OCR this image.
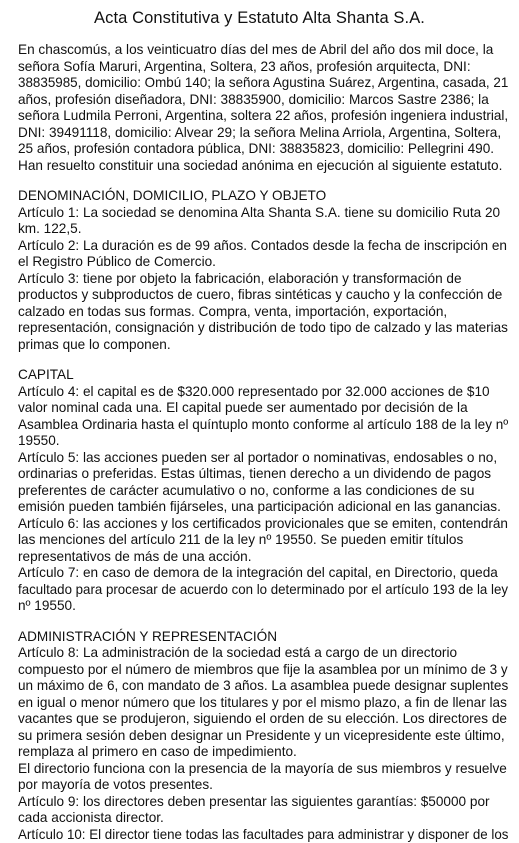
Acta Constitutiva y Estatuto Alta Shanta S.A.
En chascomús, a los veinticuatro días del mes de Abril del año dos mil doce, la
señora Sofía Maruri, Argentina, Soltera, 23 años, profesión arquitecta, DNI:
38835985, domicilio: Ombú 140; la señora Agustina Suárez, Argentina, casada, 21
años, profesión diseñadora, DNI: 38835900, domicilio: Marcos Sastre 2386; la
señora Ludmila Perroni, Argentina, soltera 22 años, profesión ingeniera industrial,
DNI: 39491118, domicilio: Alvear 29; la señora Melina Arriola, Argentina, Soltera,
25 años, profesión contadora pública, DNI: 38835823, domicilio: Pellegrini 490.
Han resuelto constituir una sociedad anónima en ejecución al siguiente estatuto.
DENOMINACIÓN, DOMICILIO, PLAZO Y OBJETO
Artículo 1: La sociedad se denomina Alta Shanta S.A. tiene su domicilio Ruta 20
km. 122,5.
Artículo 2: La duración es de 99 años. Contados desde la fecha de inscripción en
el Registro Público de Comercio.
Artículo 3: tiene por objeto la fabricación, elaboración y transformación de
productos y subproductos de cuero, fibras sintéticas y caucho y la confección de
calzado en todas sus formas. Compra, venta, importación, exportación,
representación, consignación y distribución de todo tipo de calzado y las materias
primas que lo componen.
CAPITAL
Artículo 4: el capital es de $320.000 representado por 32.000 acciones de $10
valor nominal cada una. El capital puede ser aumentado por decisión de la
Asamblea Ordinaria hasta el quíntuplo monto conforme al artículo 188 de la ley nº
19550.
Artículo 5: las acciones pueden ser al portador o nominativas, endosables o no,
ordinarias o preferidas. Estas últimas, tienen derecho a un dividendo de pagos
preferentes de carácter acumulativo o no, conforme a las condiciones de su
emisión pueden también fijárseles, una participación adicional en las ganancias.
Artículo 6: las acciones y los certificados provicionales que se emiten, contendrán
las menciones del artículo 211 de la ley nº 19550. Se pueden emitir títulos
representativos de más de una acción.
Artículo 7: en caso de demora de la integración del capital, en Directorio, queda
facultado para procesar de acuerdo con lo determinado por el artículo 193 de la ley
nº 19550.
ADMINISTRACIÓN Y REPRESENTACIÓN
Artículo 8: La administración de la sociedad está a cargo de un directorio
compuesto por el número de miembros que fije la asamblea por un mínimo de 3 y
un máximo de 6, con mandato de 3 años. La asamblea puede designar suplentes
en igual o menor número que los titulares y por el mismo plazo, a fin de llenar las
vacantes que se produjeron, siguiendo el orden de su elección. Los directores de
su primera sesión deben designar un Presidente y un vicepresidente este último,
remplaza al primero en caso de impedimiento.
El directorio funciona con la presencia de la mayoría de sus miembros y resuelve
por mayoría de votos presentes.
Artículo 9: los directores deben presentar las siguientes garantías: $50000 por
cada accionista director.
Artículo 10: El director tiene todas las facultades para administrar y disponer de los
